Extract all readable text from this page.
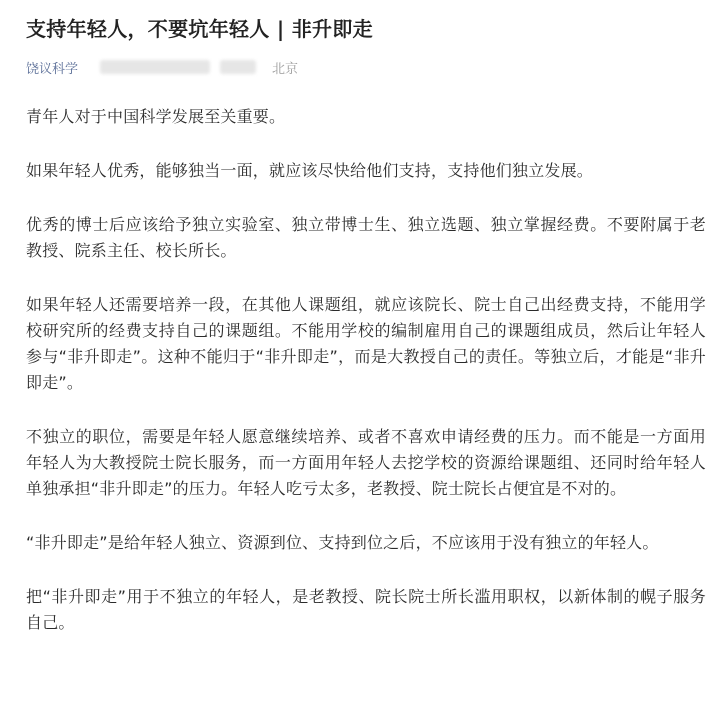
支持年轻人，不要坑年轻人 | 非升即走
饶议科学	北京

青年人对于中国科学发展至关重要。

如果年轻人优秀，能够独当一面，就应该尽快给他们支持，支持他们独立发展。

优秀的博士后应该给予独立实验室、独立带博士生、独立选题、独立掌握经费。不要附属于老教授、院系主任、校长所长。

如果年轻人还需要培养一段，在其他人课题组，就应该院长、院士自己出经费支持，不能用学校研究所的经费支持自己的课题组。不能用学校的编制雇用自己的课题组成员，然后让年轻人参与“非升即走”。这种不能归于“非升即走”，而是大教授自己的责任。等独立后，才能是“非升即走”。

不独立的职位，需要是年轻人愿意继续培养、或者不喜欢申请经费的压力。而不能是一方面用年轻人为大教授院士院长服务，而一方面用年轻人去挖学校的资源给课题组、还同时给年轻人单独承担“非升即走”的压力。年轻人吃亏太多，老教授、院士院长占便宜是不对的。

“非升即走”是给年轻人独立、资源到位、支持到位之后，不应该用于没有独立的年轻人。

把“非升即走”用于不独立的年轻人，是老教授、院长院士所长滥用职权，以新体制的幌子服务自己。
